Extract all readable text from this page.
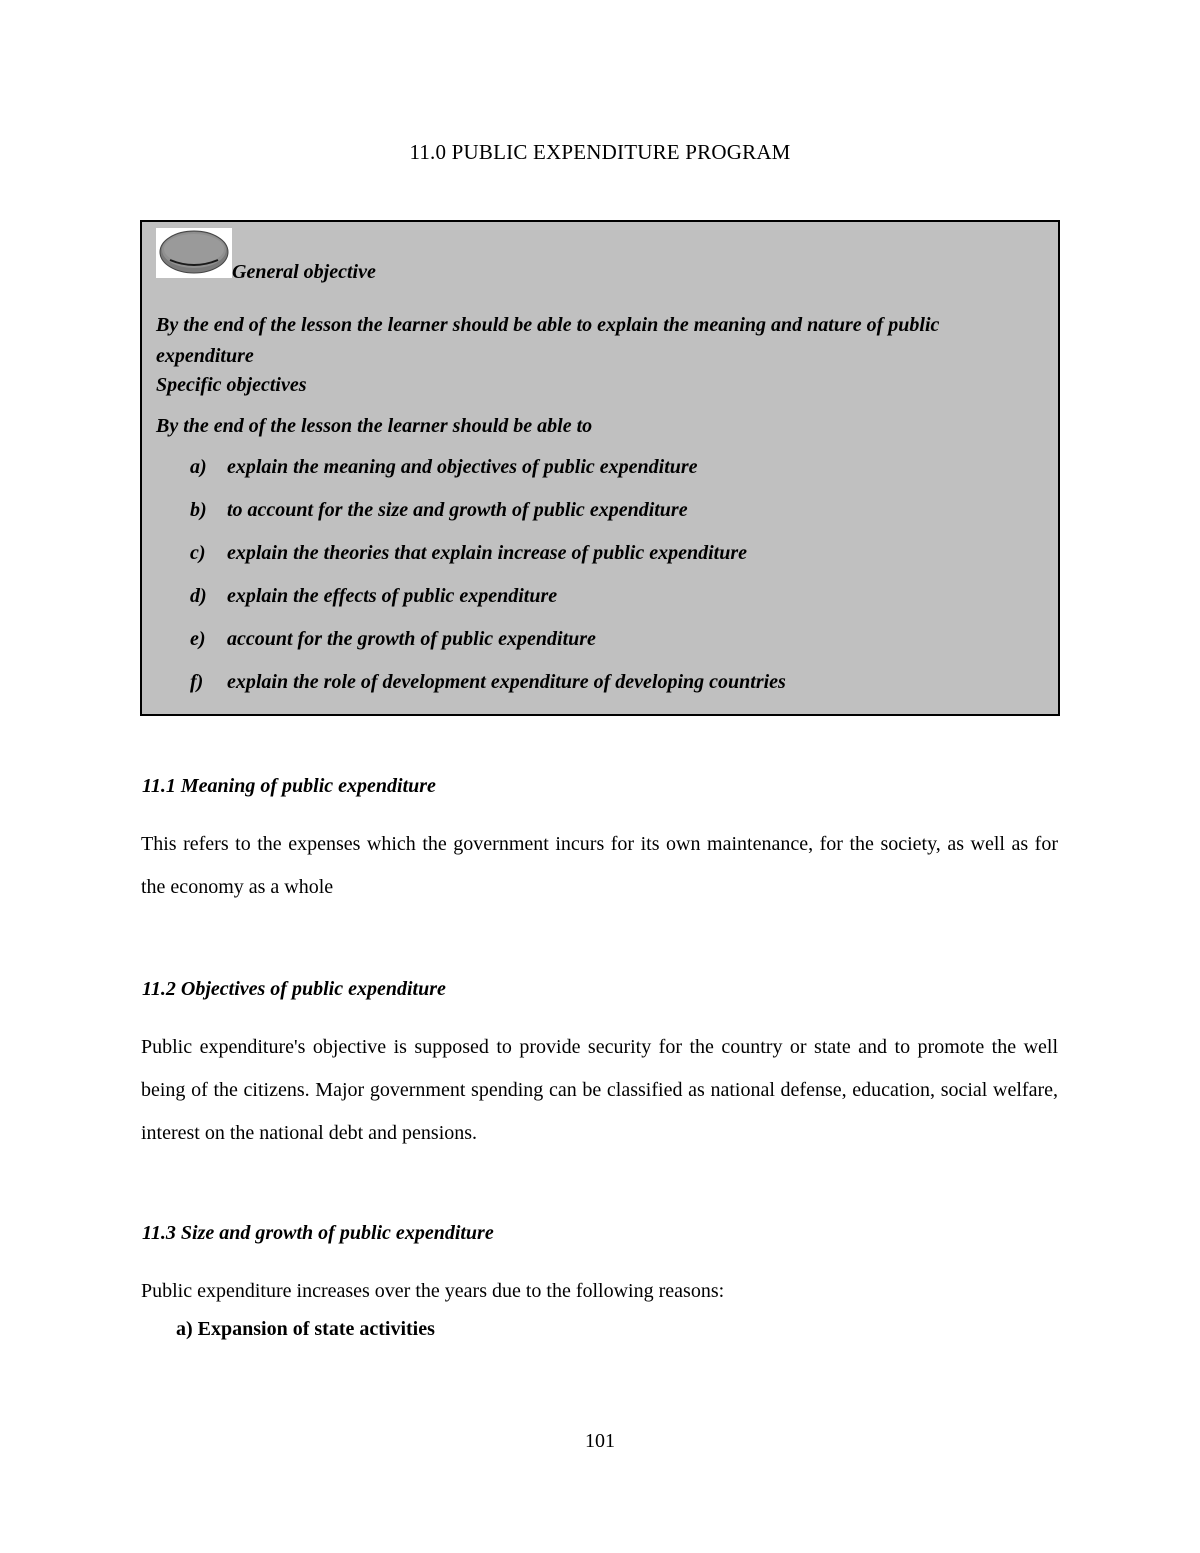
11.0 PUBLIC EXPENDITURE PROGRAM
General objective
By the end of the lesson the learner should be able to explain the meaning and nature of public expenditure
Specific objectives
By the end of the lesson the learner should be able to
a) explain the meaning and objectives of public expenditure
b) to account for the size and growth of public expenditure
c) explain the theories that explain increase of public expenditure
d) explain the effects of public expenditure
e) account for the growth of public expenditure
f) explain the role of development expenditure of developing countries
11.1 Meaning of public expenditure
This refers to the expenses which the government incurs for its own maintenance, for the society, as well as for the economy as a whole
11.2 Objectives of public expenditure
Public expenditure's objective is supposed to provide security for the country or state and to promote the well being of the citizens. Major government spending can be classified as national defense, education, social welfare, interest on the national debt and pensions.
11.3 Size and growth of public expenditure
Public expenditure increases over the years due to the following reasons:
a) Expansion of state activities
101
